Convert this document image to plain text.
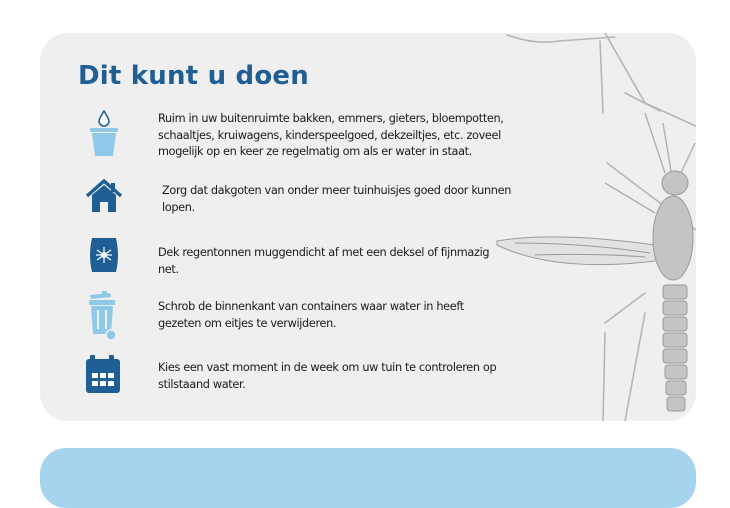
Dit kunt u doen

Ruim in uw buitenruimte bakken, emmers, gieters, bloempotten, schaaltjes, kruiwagens, kinderspeelgoed, dekzeiltjes, etc. zoveel mogelijk op en keer ze regelmatig om als er water in staat.

Zorg dat dakgoten van onder meer tuinhuisjes goed door kunnen lopen.

Dek regentonnen muggendicht af met een deksel of fijnmazig net.

Schrob de binnenkant van containers waar water in heeft gezeten om eitjes te verwijderen.

Kies een vast moment in de week om uw tuin te controleren op stilstaand water.
